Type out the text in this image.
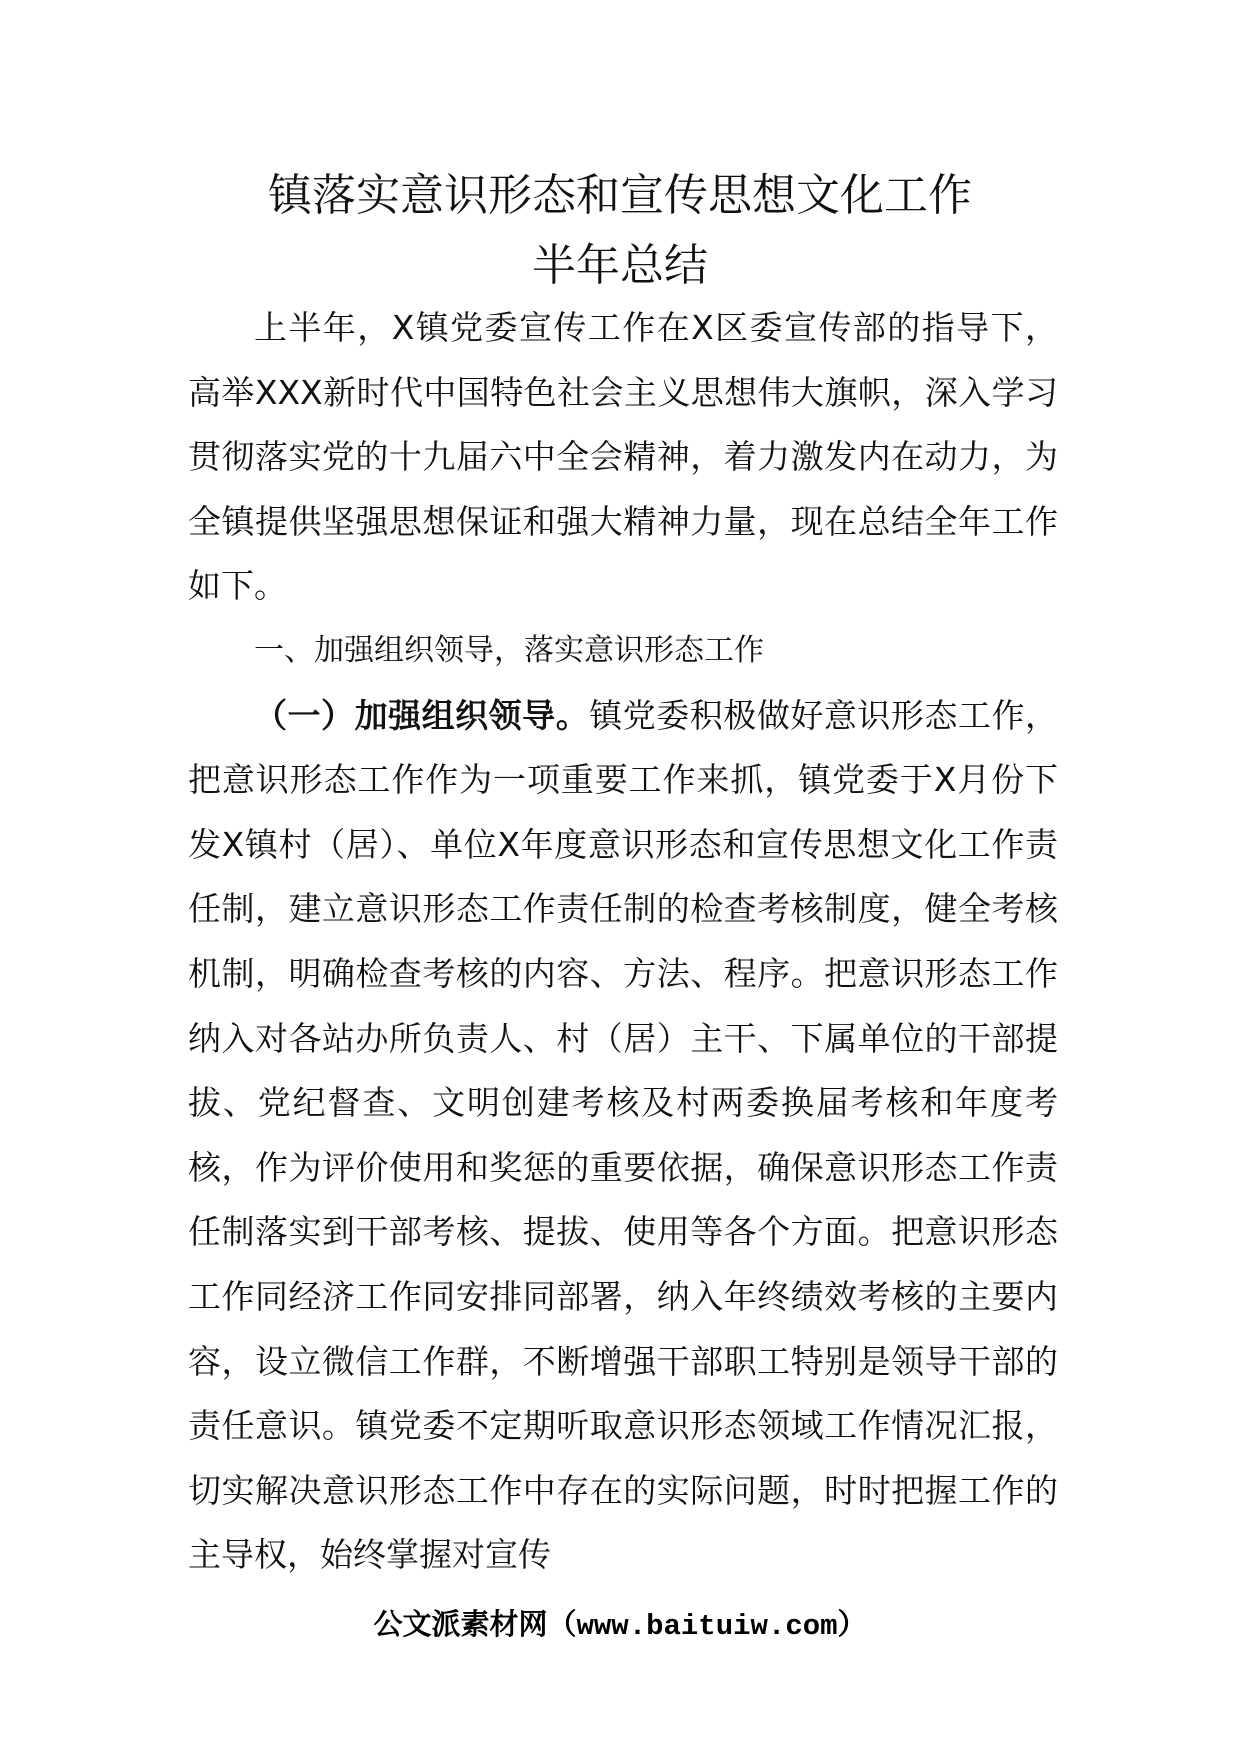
镇落实意识形态和宣传思想文化工作
半年总结

上半年，X镇党委宣传工作在X区委宣传部的指导下，高举XXX新时代中国特色社会主义思想伟大旗帜，深入学习贯彻落实党的十九届六中全会精神，着力激发内在动力，为全镇提供坚强思想保证和强大精神力量，现在总结全年工作如下。

一、加强组织领导，落实意识形态工作

（一）加强组织领导。镇党委积极做好意识形态工作，把意识形态工作作为一项重要工作来抓，镇党委于X月份下发X镇村（居）、单位X年度意识形态和宣传思想文化工作责任制，建立意识形态工作责任制的检查考核制度，健全考核机制，明确检查考核的内容、方法、程序。把意识形态工作纳入对各站办所负责人、村（居）主干、下属单位的干部提拔、党纪督查、文明创建考核及村两委换届考核和年度考核，作为评价使用和奖惩的重要依据，确保意识形态工作责任制落实到干部考核、提拔、使用等各个方面。把意识形态工作同经济工作同安排同部署，纳入年终绩效考核的主要内容，设立微信工作群，不断增强干部职工特别是领导干部的责任意识。镇党委不定期听取意识形态领域工作情况汇报，切实解决意识形态工作中存在的实际问题，时时把握工作的主导权，始终掌握对宣传

公文派素材网（www.baituiw.com）
